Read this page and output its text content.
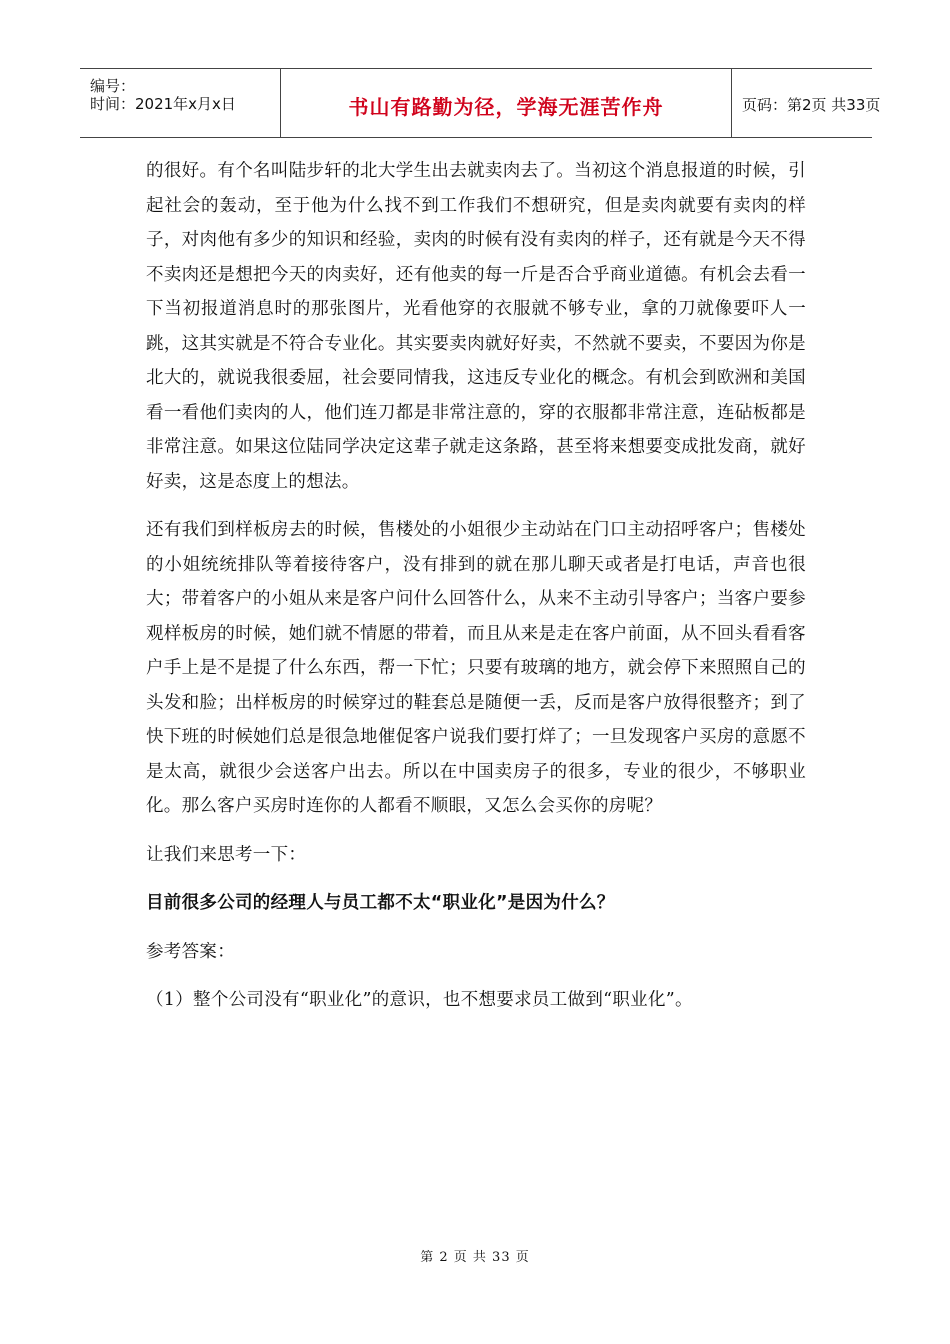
编号：
时间：2021年x月x日	书山有路勤为径，学海无涯苦作舟	页码：第2页 共33页

的很好。有个名叫陆步轩的北大学生出去就卖肉去了。当初这个消息报道的时候，引起社会的轰动，至于他为什么找不到工作我们不想研究，但是卖肉就要有卖肉的样子，对肉他有多少的知识和经验，卖肉的时候有没有卖肉的样子，还有就是今天不得不卖肉还是想把今天的肉卖好，还有他卖的每一斤是否合乎商业道德。有机会去看一下当初报道消息时的那张图片，光看他穿的衣服就不够专业，拿的刀就像要吓人一跳，这其实就是不符合专业化。其实要卖肉就好好卖，不然就不要卖，不要因为你是北大的，就说我很委屈，社会要同情我，这违反专业化的概念。有机会到欧洲和美国看一看他们卖肉的人，他们连刀都是非常注意的，穿的衣服都非常注意，连砧板都是非常注意。如果这位陆同学决定这辈子就走这条路，甚至将来想要变成批发商，就好好卖，这是态度上的想法。

还有我们到样板房去的时候，售楼处的小姐很少主动站在门口主动招呼客户；售楼处的小姐统统排队等着接待客户，没有排到的就在那儿聊天或者是打电话，声音也很大；带着客户的小姐从来是客户问什么回答什么，从来不主动引导客户；当客户要参观样板房的时候，她们就不情愿的带着，而且从来是走在客户前面，从不回头看看客户手上是不是提了什么东西，帮一下忙；只要有玻璃的地方，就会停下来照照自己的头发和脸；出样板房的时候穿过的鞋套总是随便一丢，反而是客户放得很整齐；到了快下班的时候她们总是很急地催促客户说我们要打烊了；一旦发现客户买房的意愿不是太高，就很少会送客户出去。所以在中国卖房子的很多，专业的很少，不够职业化。那么客户买房时连你的人都看不顺眼，又怎么会买你的房呢？

让我们来思考一下：

目前很多公司的经理人与员工都不太“职业化”是因为什么？

参考答案：

（1）整个公司没有“职业化”的意识，也不想要求员工做到“职业化”。

第 2 页 共 33 页
